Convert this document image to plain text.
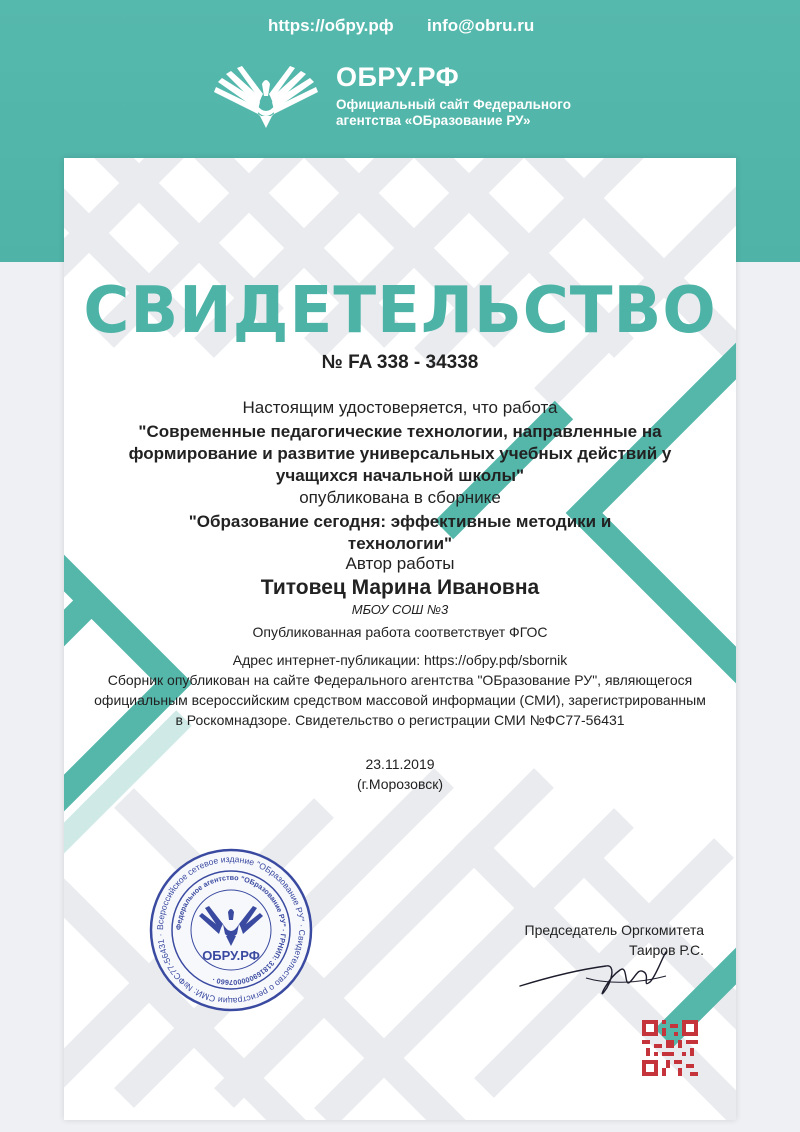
https://обру.рф info@obru.ru
ОБРУ.РФ
Официальный сайт Федерального
агентства «ОБразование РУ»
СВИДЕТЕЛЬСТВО
№ FA 338 - 34338
Настоящим удостоверяется, что работа
"Современные педагогические технологии, направленные на формирование и развитие универсальных учебных действий у учащихся начальной школы"
опубликована в сборнике
"Образование сегодня: эффективные методики и технологии"
Автор работы
Титовец Марина Ивановна
МБОУ СОШ №3
Опубликованная работа соответствует ФГОС
Адрес интернет-публикации: https://обру.рф/sbornik
Сборник опубликован на сайте Федерального агентства "ОБразование РУ", являющегося официальным всероссийским средством массовой информации (СМИ), зарегистрированным в Роскомнадзоре. Свидетельство о регистрации СМИ №ФС77-56431
23.11.2019
(г.Морозовск)
Всероссийское сетевое издание "ОБразование РУ" · Свидетельство о регистрации СМИ: №ФС77-56431 ·
Федеральное агентство "ОБразование РУ" · ГРНИП: 318169000007660 ·
ОБРУ.РФ
Председатель Оргкомитета
Таиров Р.С.
